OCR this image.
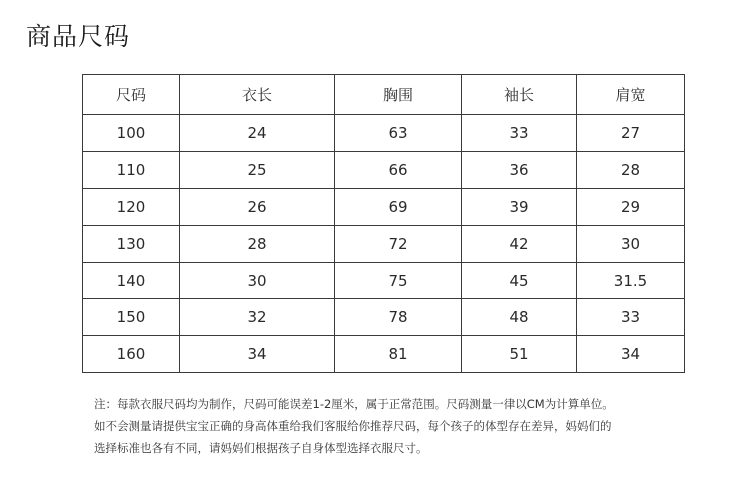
商品尺码
尺码	衣长	胸围	袖长	肩宽
100	24	63	33	27
110	25	66	36	28
120	26	69	39	29
130	28	72	42	30
140	30	75	45	31.5
150	32	78	48	33
160	34	81	51	34

注：每款衣服尺码均为制作，尺码可能误差1-2厘米，属于正常范围。尺码测量一律以CM为计算单位。

如不会测量请提供宝宝正确的身高体重给我们客服给你推荐尺码，每个孩子的体型存在差异，妈妈们的

选择标准也各有不同，请妈妈们根据孩子自身体型选择衣服尺寸。
